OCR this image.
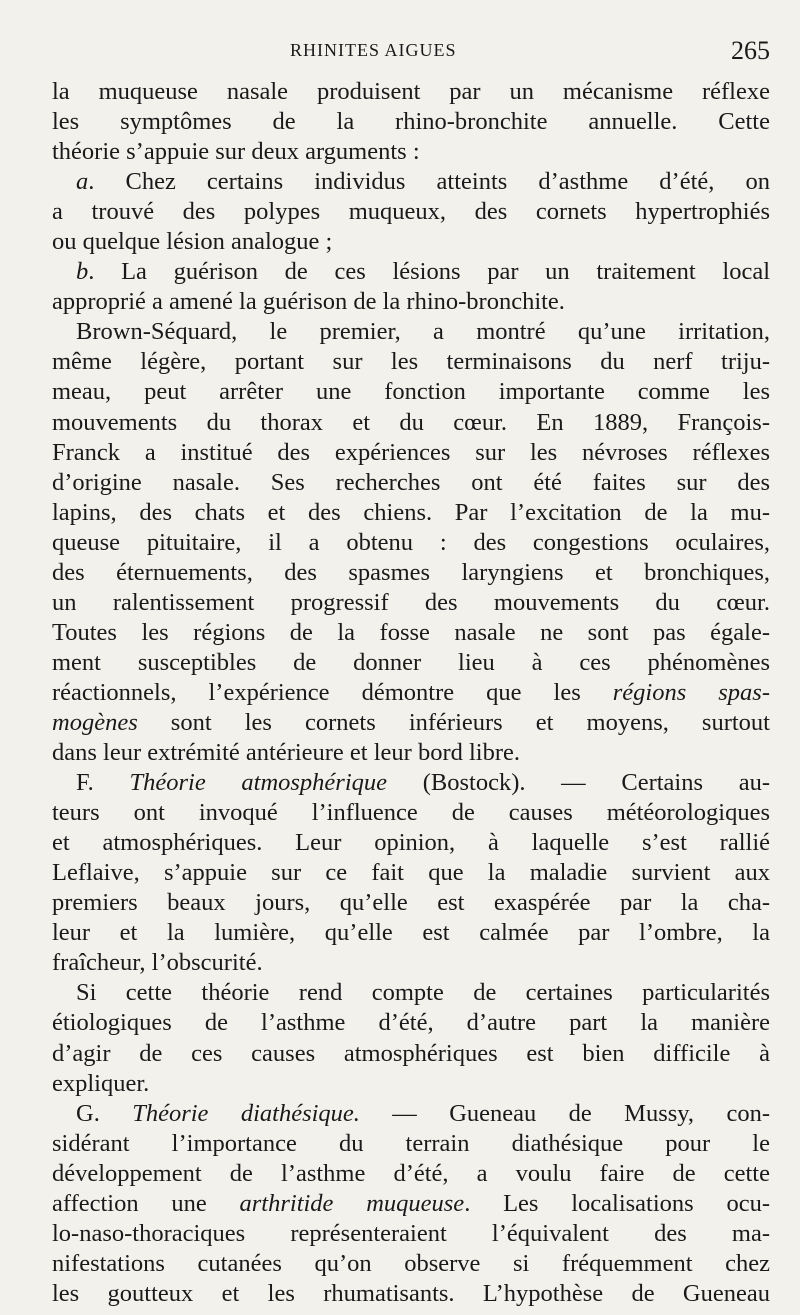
RHINITES AIGUES	265
la muqueuse nasale produisent par un mécanisme réflexe
les symptômes de la rhino-bronchite annuelle. Cette
théorie s’appuie sur deux arguments :
a. Chez certains individus atteints d’asthme d’été, on
a trouvé des polypes muqueux, des cornets hypertrophiés
ou quelque lésion analogue ;
b. La guérison de ces lésions par un traitement local
approprié a amené la guérison de la rhino-bronchite.
Brown-Séquard, le premier, a montré qu’une irritation,
même légère, portant sur les terminaisons du nerf triju-
meau, peut arrêter une fonction importante comme les
mouvements du thorax et du cœur. En 1889, François-
Franck a institué des expériences sur les névroses réflexes
d’origine nasale. Ses recherches ont été faites sur des
lapins, des chats et des chiens. Par l’excitation de la mu-
queuse pituitaire, il a obtenu : des congestions oculaires,
des éternuements, des spasmes laryngiens et bronchiques,
un ralentissement progressif des mouvements du cœur.
Toutes les régions de la fosse nasale ne sont pas égale-
ment susceptibles de donner lieu à ces phénomènes
réactionnels, l’expérience démontre que les régions spas-
mogènes sont les cornets inférieurs et moyens, surtout
dans leur extrémité antérieure et leur bord libre.
F. Théorie atmosphérique (Bostock). — Certains au-
teurs ont invoqué l’influence de causes météorologiques
et atmosphériques. Leur opinion, à laquelle s’est rallié
Leflaive, s’appuie sur ce fait que la maladie survient aux
premiers beaux jours, qu’elle est exaspérée par la cha-
leur et la lumière, qu’elle est calmée par l’ombre, la
fraîcheur, l’obscurité.
Si cette théorie rend compte de certaines particularités
étiologiques de l’asthme d’été, d’autre part la manière
d’agir de ces causes atmosphériques est bien difficile à
expliquer.
G. Théorie diathésique. — Gueneau de Mussy, con-
sidérant l’importance du terrain diathésique pour le
développement de l’asthme d’été, a voulu faire de cette
affection une arthritide muqueuse. Les localisations ocu-
lo-naso-thoraciques représenteraient l’équivalent des ma-
nifestations cutanées qu’on observe si fréquemment chez
les goutteux et les rhumatisants. L’hypothèse de Gueneau
